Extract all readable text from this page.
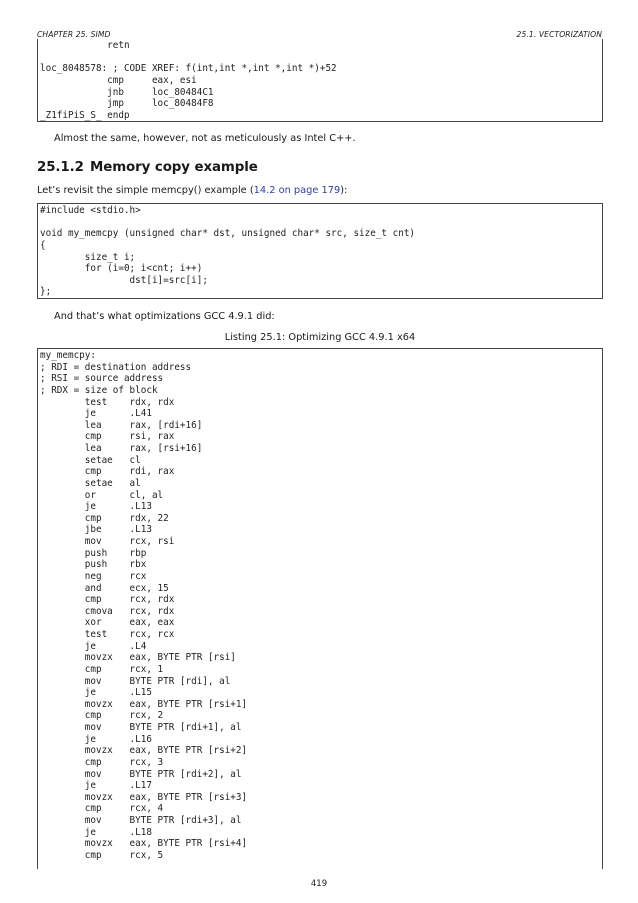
CHAPTER 25. SIMD	25.1. VECTORIZATION
retn
loc_8048578: ; CODE XREF: f(int,int *,int *,int *)+52
cmp     eax, esi
jnb     loc_80484C1
jmp     loc_80484F8
_Z1fiPiS_S_ endp
Almost the same, however, not as meticulously as Intel C++.
25.1.2 Memory copy example
Let’s revisit the simple memcpy() example (14.2 on page 179):
#include <stdio.h>
void my_memcpy (unsigned char* dst, unsigned char* src, size_t cnt)
{
size_t i;
for (i=0; i<cnt; i++)
dst[i]=src[i];
};
And that’s what optimizations GCC 4.9.1 did:
Listing 25.1: Optimizing GCC 4.9.1 x64
my_memcpy:
; RDI = destination address
; RSI = source address
; RDX = size of block
test    rdx, rdx
je      .L41
lea     rax, [rdi+16]
cmp     rsi, rax
lea     rax, [rsi+16]
setae   cl
cmp     rdi, rax
setae   al
or      cl, al
je      .L13
cmp     rdx, 22
jbe     .L13
mov     rcx, rsi
push    rbp
push    rbx
neg     rcx
and     ecx, 15
cmp     rcx, rdx
cmova   rcx, rdx
xor     eax, eax
test    rcx, rcx
je      .L4
movzx   eax, BYTE PTR [rsi]
cmp     rcx, 1
mov     BYTE PTR [rdi], al
je      .L15
movzx   eax, BYTE PTR [rsi+1]
cmp     rcx, 2
mov     BYTE PTR [rdi+1], al
je      .L16
movzx   eax, BYTE PTR [rsi+2]
cmp     rcx, 3
mov     BYTE PTR [rdi+2], al
je      .L17
movzx   eax, BYTE PTR [rsi+3]
cmp     rcx, 4
mov     BYTE PTR [rdi+3], al
je      .L18
movzx   eax, BYTE PTR [rsi+4]
cmp     rcx, 5
419
